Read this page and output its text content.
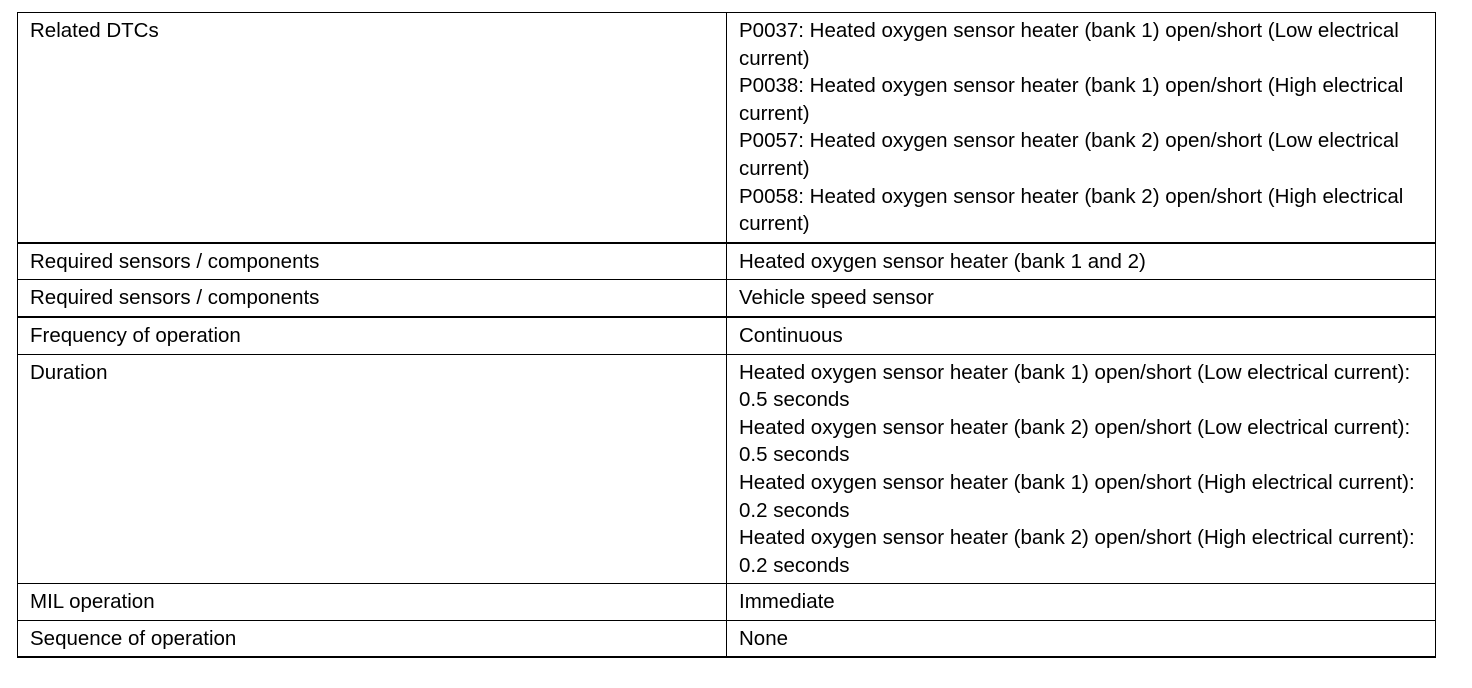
Related DTCs	P0037: Heated oxygen sensor heater (bank 1) open/short (Low electrical current)
P0038: Heated oxygen sensor heater (bank 1) open/short (High electrical current)
P0057: Heated oxygen sensor heater (bank 2) open/short (Low electrical current)
P0058: Heated oxygen sensor heater (bank 2) open/short (High electrical current)

Required sensors / components	Heated oxygen sensor heater (bank 1 and 2)
Required sensors / components	Vehicle speed sensor
Frequency of operation	Continuous
Duration	Heated oxygen sensor heater (bank 1) open/short (Low electrical current): 0.5 seconds
Heated oxygen sensor heater (bank 2) open/short (Low electrical current): 0.5 seconds
Heated oxygen sensor heater (bank 1) open/short (High electrical current): 0.2 seconds
Heated oxygen sensor heater (bank 2) open/short (High electrical current): 0.2 seconds

MIL operation	Immediate
Sequence of operation	None
